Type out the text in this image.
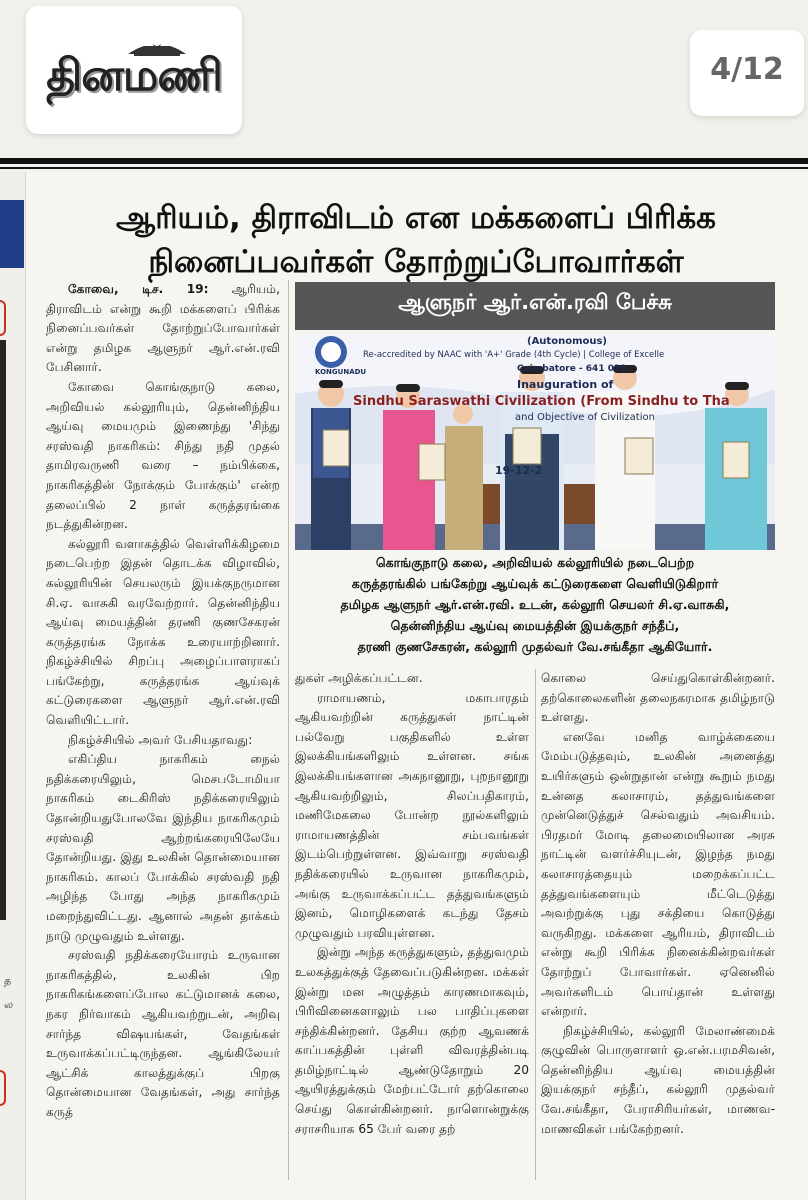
தினமணி	4/12
த
ல
ஆரியம், திராவிடம் என மக்களைப் பிரிக்க
நினைப்பவர்கள் தோற்றுப்போவார்கள்
ஆளுநர் ஆர்.என்.ரவி பேச்சு
KONGUNADU
(Autonomous)
Re-accredited by NAAC with 'A+' Grade (4th Cycle) | College of Excelle
Coimbatore - 641 029.
Inauguration of
Sindhu Saraswathi Civilization (From Sindhu to Tha
and Objective of Civilization
19-12-2
கொங்குநாடு கலை, அறிவியல் கல்லூரியில் நடைபெற்ற
கருத்தரங்கில் பங்கேற்று ஆய்வுக் கட்டுரைகளை வெளியிடுகிறார்
தமிழக ஆளுநர் ஆர்.என்.ரவி. உடன், கல்லூரி செயலர் சி.ஏ.வாசுகி,
தென்னிந்திய ஆய்வு மையத்தின் இயக்குநர் சந்தீப்,
தரணி குணசேகரன், கல்லூரி முதல்வர் வே.சங்கீதா ஆகியோர்.

கோவை, டிச. 19: ஆரியம், திராவிடம் என்று கூறி மக்களைப் பிரிக்க நினைப்பவர்கள் தோற்றுப்போவார்கள் என்று தமிழக ஆளுநர் ஆர்.என்.ரவி பேசினார்.

கோவை கொங்குநாடு கலை, அறிவியல் கல்லூரியும், தென்னிந்திய ஆய்வு மையமும் இணைந்து 'சிந்து சரஸ்வதி நாகரிகம்: சிந்து நதி முதல் தாமிரவருணி வரை – நம்பிக்கை, நாகரிகத்தின் நோக்கும் போக்கும்' என்ற தலைப்பில் 2 நாள் கருத்தரங்கை நடத்துகின்றன.

கல்லூரி வளாகத்தில் வெள்ளிக்கிழமை நடைபெற்ற இதன் தொடக்க விழாவில், கல்லூரியின் செயலரும் இயக்குநருமான சி.ஏ. வாசுகி வரவேற்றார். தென்னிந்திய ஆய்வு மையத்தின் தரணி குணசேகரன் கருத்தரங்க நோக்க உரையாற்றினார். நிகழ்ச்சியில் சிறப்பு அழைப்பாளராகப் பங்கேற்று, கருத்தரங்க ஆய்வுக் கட்டுரைகளை ஆளுநர் ஆர்.என்.ரவி வெளியிட்டார்.

நிகழ்ச்சியில் அவர் பேசியதாவது:

எகிப்திய நாகரிகம் நைல் நதிக்கரையிலும், மெசபடோமியா நாகரிகம் டைகிரிஸ் நதிக்கரையிலும் தோன்றியதுபோலவே இந்திய நாகரிகமும் சரஸ்வதி ஆற்றங்கரையிலேயே தோன்றியது. இது உலகின் தொன்மையான நாகரிகம். காலப் போக்கில் சரஸ்வதி நதி அழிந்த போது அந்த நாகரிகமும் மறைந்துவிட்டது. ஆனால் அதன் தாக்கம் நாடு முழுவதும் உள்ளது.

சரஸ்வதி நதிக்கரையோரம் உருவான நாகரிகத்தில், உலகின் பிற நாகரிகங்களைப்போல கட்டுமானக் கலை, நகர நிர்வாகம் ஆகியவற்றுடன், அறிவு சார்ந்த விஷயங்கள், வேதங்கள் உருவாக்கப்பட்டிருந்தன. ஆங்கிலேயர் ஆட்சிக் காலத்துக்குப் பிறகு தொன்மையான வேதங்கள், அது சார்ந்த கருத்

துகள் அழிக்கப்பட்டன.

ராமாயணம், மகாபாரதம் ஆகியவற்றின் கருத்துகள் நாட்டின் பல்வேறு பகுதிகளில் உள்ள இலக்கியங்களிலும் உள்ளன. சங்க இலக்கியங்களான அகநானூறு, புறநானூறு ஆகியவற்றிலும், சிலப்பதிகாரம், மணிமேகலை போன்ற நூல்களிலும் ராமாயணத்தின் சம்பவங்கள் இடம்பெற்றுள்ளன. இவ்வாறு சரஸ்வதி நதிக்கரையில் உருவான நாகரிகமும், அங்கு உருவாக்கப்பட்ட தத்துவங்களும் இனம், மொழிகளைக் கடந்து தேசம் முழுவதும் பரவியுள்ளன.

இன்று அந்த கருத்துகளும், தத்துவமும் உலகத்துக்குத் தேவைப்படுகின்றன. மக்கள் இன்று மன அழுத்தம் காரணமாகவும், பிரிவினைகளாலும் பல பாதிப்புகளை சந்திக்கின்றனர். தேசிய குற்ற ஆவணக் காப்பகத்தின் புள்ளி விவரத்தின்படி தமிழ்நாட்டில் ஆண்டுதோறும் 20 ஆயிரத்துக்கும் மேற்பட்டோர் தற்கொலை செய்து கொள்கின்றனர். நாளொன்றுக்கு சராசரியாக 65 பேர் வரை தற்

கொலை செய்துகொள்கின்றனர். தற்கொலைகளின் தலைநகரமாக தமிழ்நாடு உள்ளது.

எனவே மனித வாழ்க்கையை மேம்படுத்தவும், உலகின் அனைத்து உயிர்களும் ஒன்றுதான் என்று கூறும் நமது உன்னத கலாசாரம், தத்துவங்களை முன்னெடுத்துச் செல்வதும் அவசியம். பிரதமர் மோடி தலைமையிலான அரசு நாட்டின் வளர்ச்சியுடன், இழந்த நமது கலாசாரத்தையும் மறைக்கப்பட்ட தத்துவங்களையும் மீட்டெடுத்து அவற்றுக்கு புது சக்தியை கொடுத்து வருகிறது. மக்களை ஆரியம், திராவிடம் என்று கூறி பிரிக்க நினைக்கின்றவர்கள் தோற்றுப் போவார்கள். ஏனெனில் அவர்களிடம் பொய்தான் உள்ளது என்றார்.

நிகழ்ச்சியில், கல்லூரி மேலாண்மைக் குழுவின் பொருளாளர் ஒ.என்.பரமசிவன், தென்னிந்திய ஆய்வு மையத்தின் இயக்குநர் சந்தீப், கல்லூரி முதல்வர் வே.சங்கீதா, பேராசிரியர்கள், மாணவ-மாணவிகள் பங்கேற்றனர்.
